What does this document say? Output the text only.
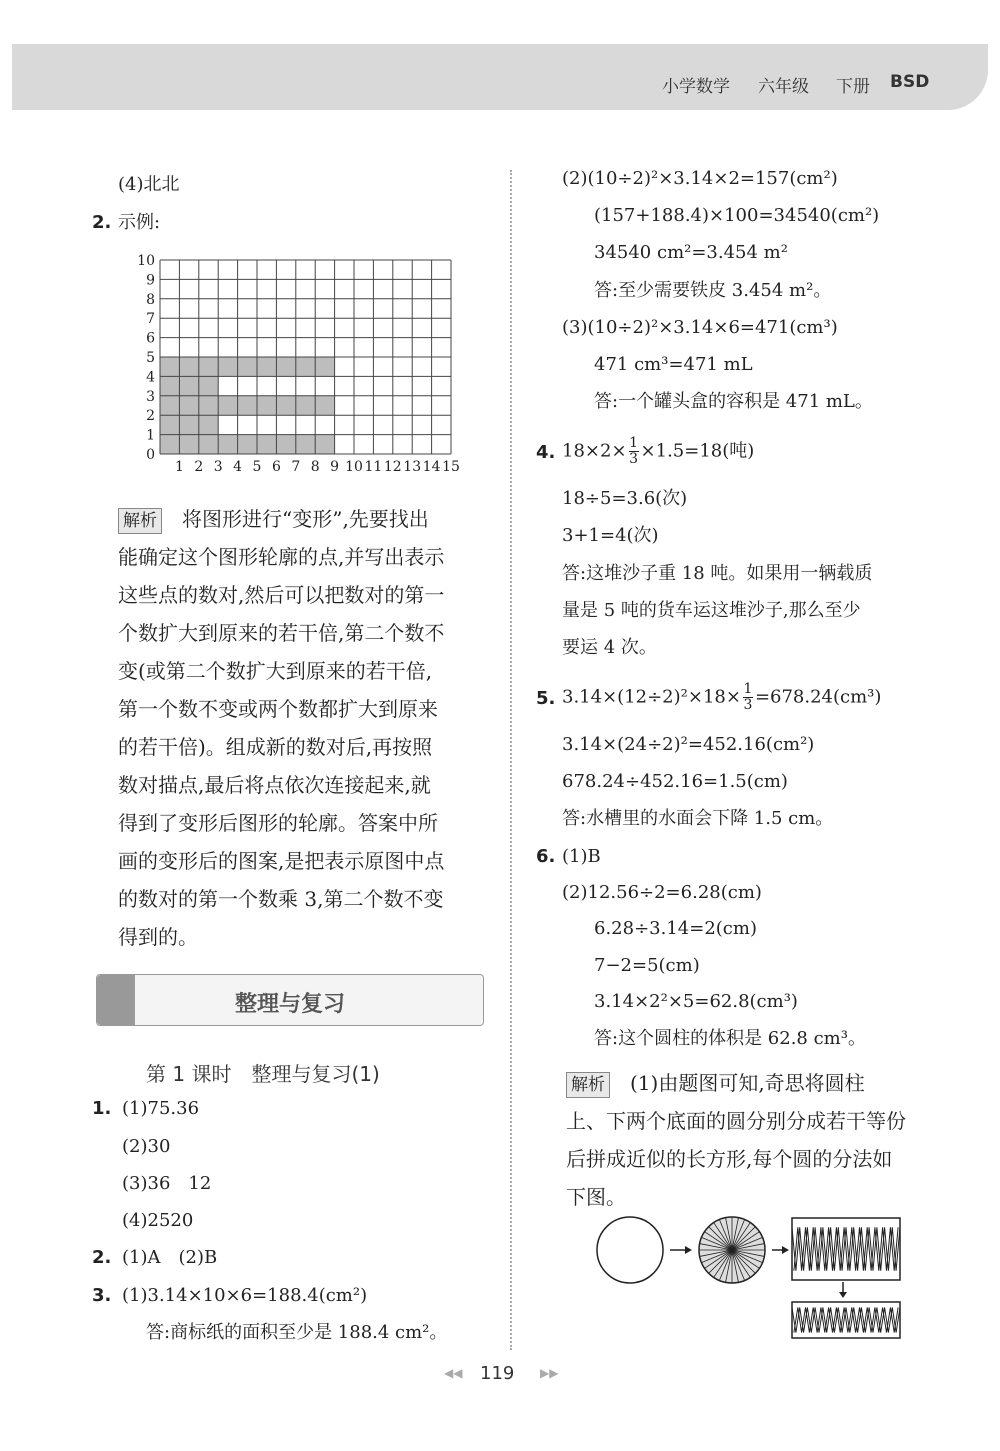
小学数学 六年级 下册 BSD
(4)北北
2. 示例:
0
1
2
3
4
5
6
7
8
9
10
1 2 3 4 5 6 7 8 9 10 11 12 13 14 15
解析　 将图形进行“变形”,先要找出
能确定这个图形轮廓的点,并写出表示
这些点的数对,然后可以把数对的第一
个数扩大到原来的若干倍,第二个数不
变(或第二个数扩大到原来的若干倍,
第一个数不变或两个数都扩大到原来
的若干倍)。组成新的数对后,再按照
数对描点,最后将点依次连接起来,就
得到了变形后图形的轮廓。答案中所
画的变形后的图案,是把表示原图中点
的数对的第一个数乘 3,第二个数不变
得到的。
整理与复习
第 1 课时　整理与复习(1)
1. (1)75.36
(2)30
(3)36　12
(4)2520
2. (1)A　(2)B
3. (1)3.14×10×6=188.4(cm²)
答:商标纸的面积至少是 188.4 cm²。
(2)(10÷2)²×3.14×2=157(cm²)
(157+188.4)×100=34540(cm²)
34540 cm²=3.454 m²
答:至少需要铁皮 3.454 m²。
(3)(10÷2)²×3.14×6=471(cm³)
471 cm³=471 mL
答:一个罐头盒的容积是 471 mL。
4. $18\times 2\times \frac{1}{3} \times 1.5=18$(吨)
18÷5=3.6(次)
3+1=4(次)
答:这堆沙子重 18 吨。如果用一辆载质
量是 5 吨的货车运这堆沙子,那么至少
要运 4 次。
5. $3.14\times(12\div 2)^2\times 18\times \frac{1}{3} =678.24(cm^3)$
3.14×(24÷2)²=452.16(cm²)
678.24÷452.16=1.5(cm)
答:水槽里的水面会下降 1.5 cm。
6. (1)B
(2)12.56÷2=6.28(cm)
6.28÷3.14=2(cm)
7−2=5(cm)
3.14×2²×5=62.8(cm³)
答:这个圆柱的体积是 62.8 cm³。
解析　 (1)由题图可知,奇思将圆柱
上、下两个底面的圆分别分成若干等份
后拼成近似的长方形,每个圆的分法如
下图。
◀◀ 119 ▶▶
